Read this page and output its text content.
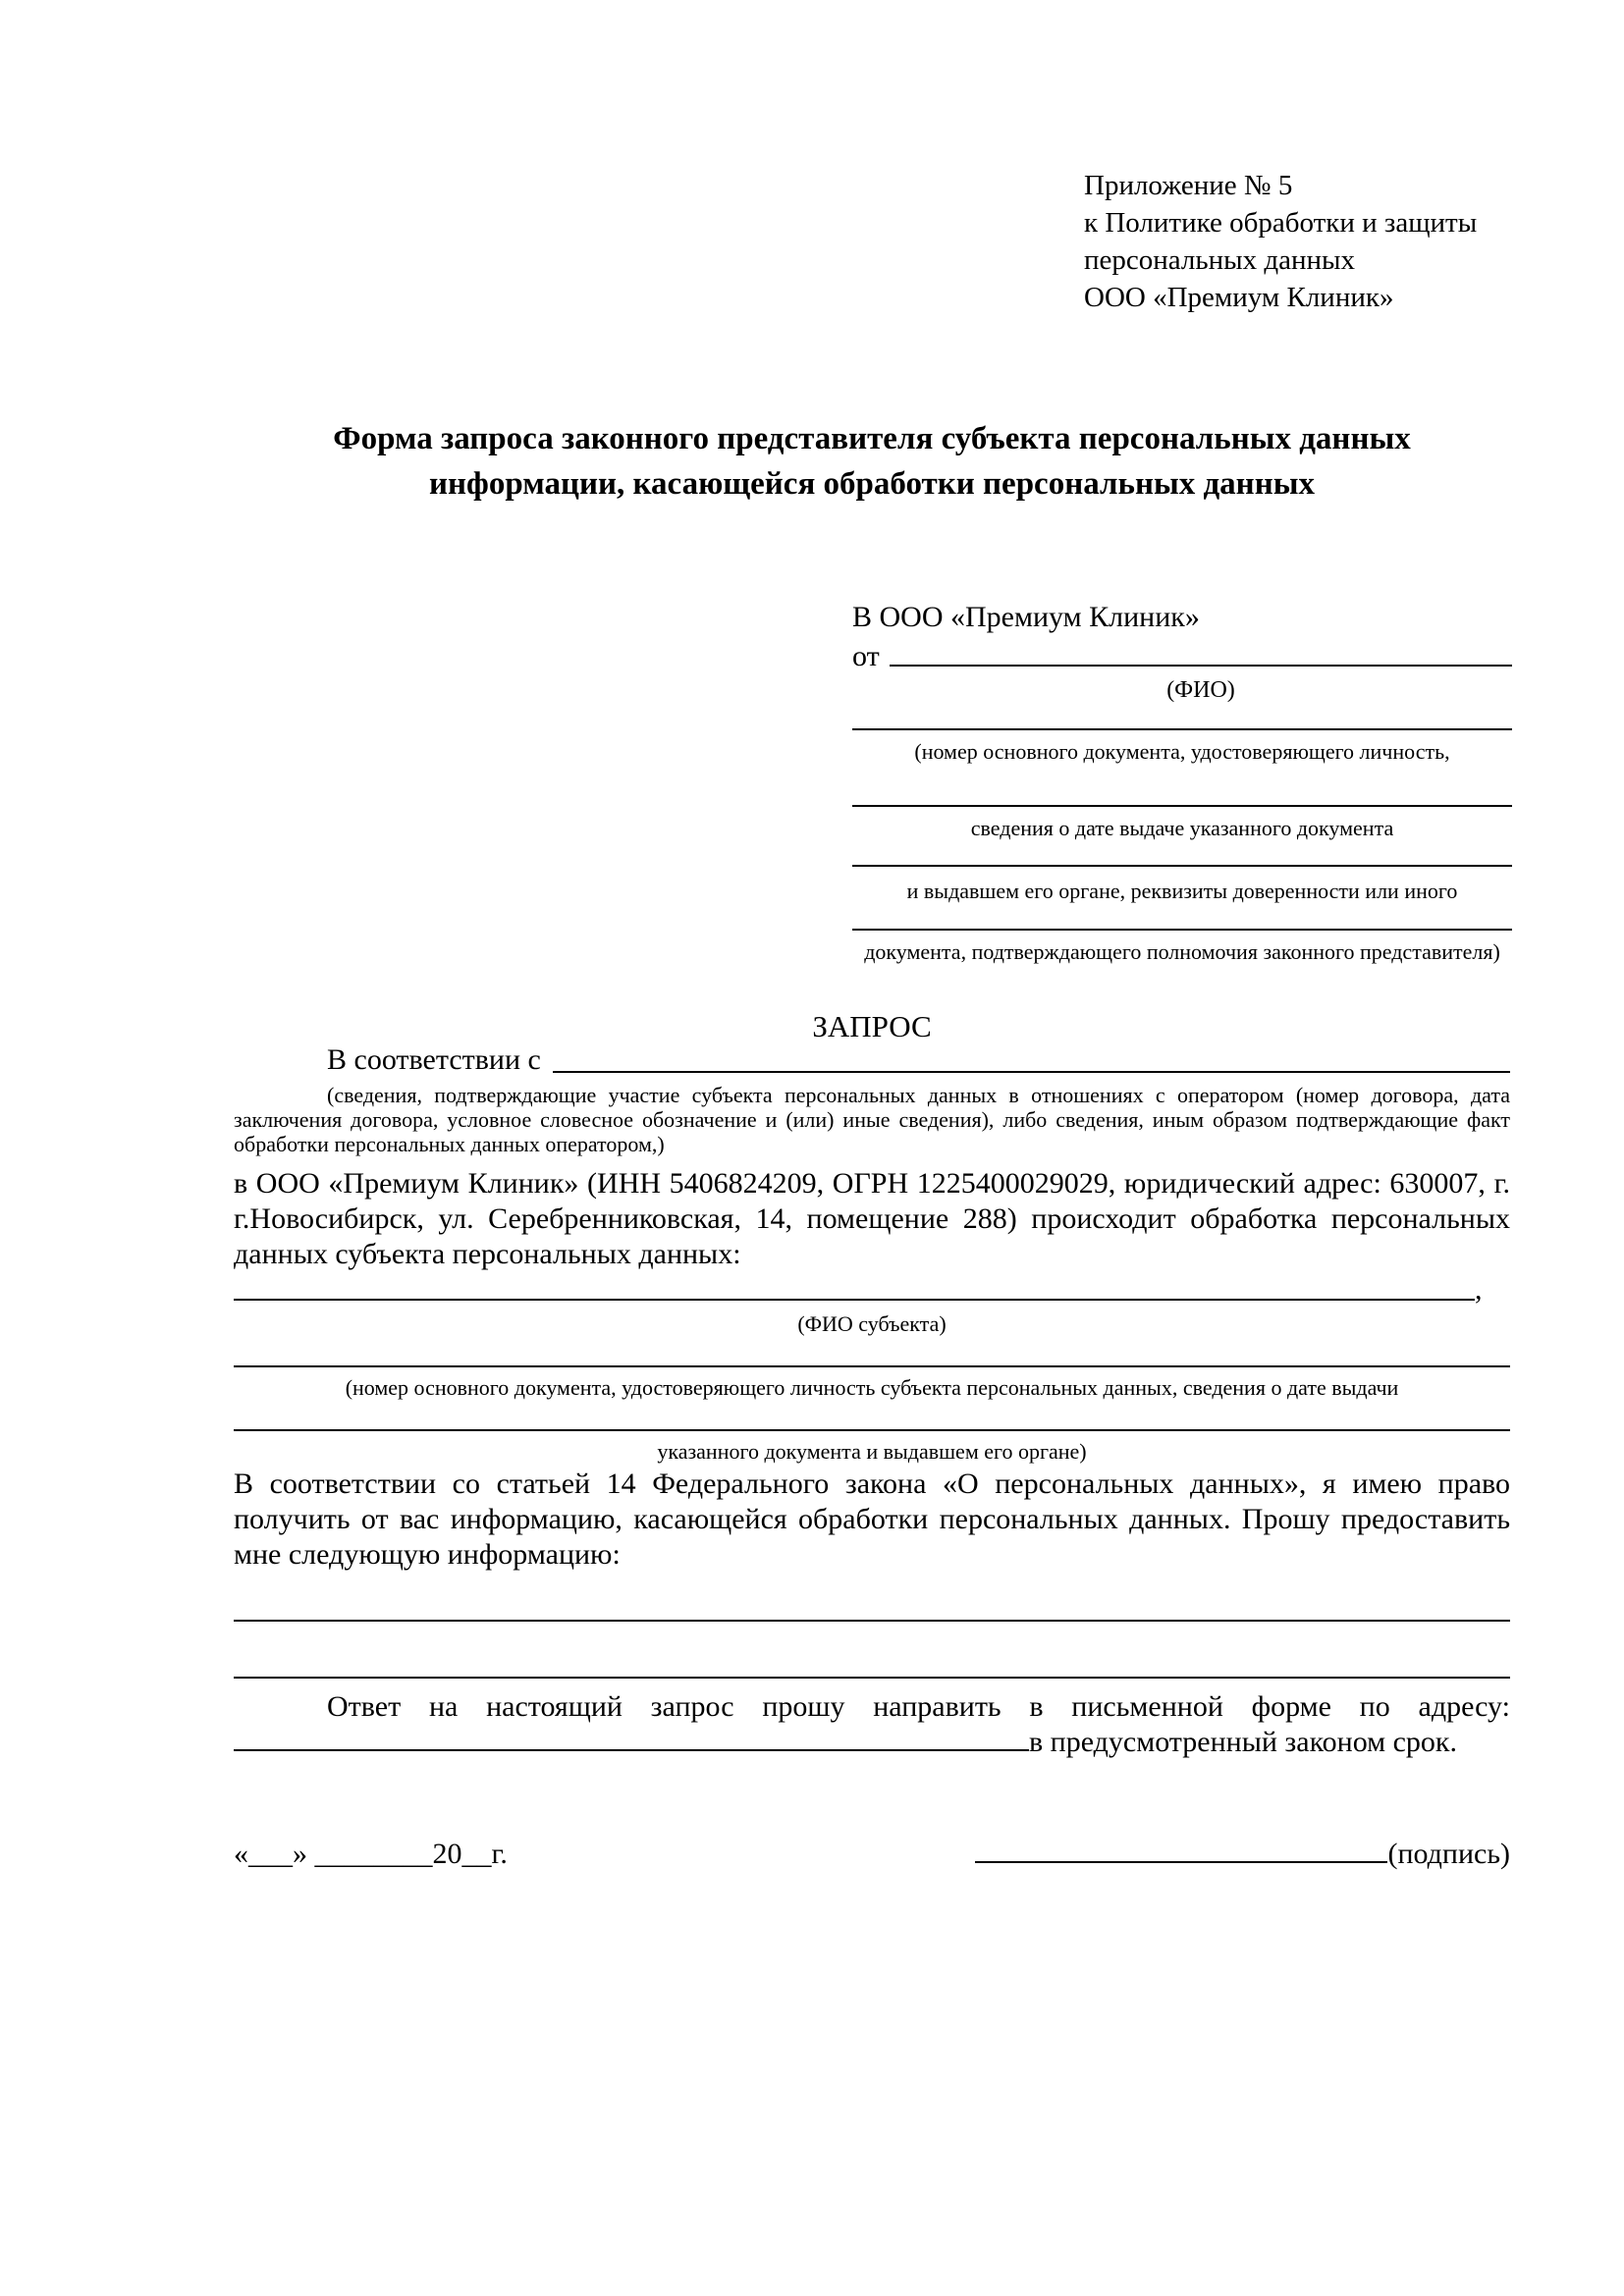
Приложение № 5
к Политике обработки и защиты
персональных данных
ООО «Премиум Клиник»
Форма запроса законного представителя субъекта персональных данных информации, касающейся обработки персональных данных
В ООО «Премиум Клиник»
от
(ФИО)
(номер основного документа, удостоверяющего личность,
сведения о дате выдаче указанного документа
и выдавшем его органе, реквизиты доверенности или иного
документа, подтверждающего полномочия законного представителя)
ЗАПРОС
В соответствии с
(сведения, подтверждающие участие субъекта персональных данных в отношениях с оператором (номер договора, дата заключения договора, условное словесное обозначение и (или) иные сведения), либо сведения, иным образом подтверждающие факт обработки персональных данных оператором,)
в ООО «Премиум Клиник» (ИНН 5406824209, ОГРН 1225400029029, юридический адрес: 630007, г. г.Новосибирск, ул. Серебренниковская, 14, помещение 288) происходит обработка персональных данных субъекта персональных данных:
,
(ФИО субъекта)
(номер основного документа, удостоверяющего личность субъекта персональных данных, сведения о дате выдачи
указанного документа и выдавшем его органе)
В соответствии со статьей 14 Федерального закона «О персональных данных», я имею право получить от вас информацию, касающейся обработки персональных данных. Прошу предоставить мне следующую информацию:
Ответ на настоящий запрос прошу направить в письменной форме по адресу: в предусмотренный законом срок.
«___» ________20__г.	(подпись)
